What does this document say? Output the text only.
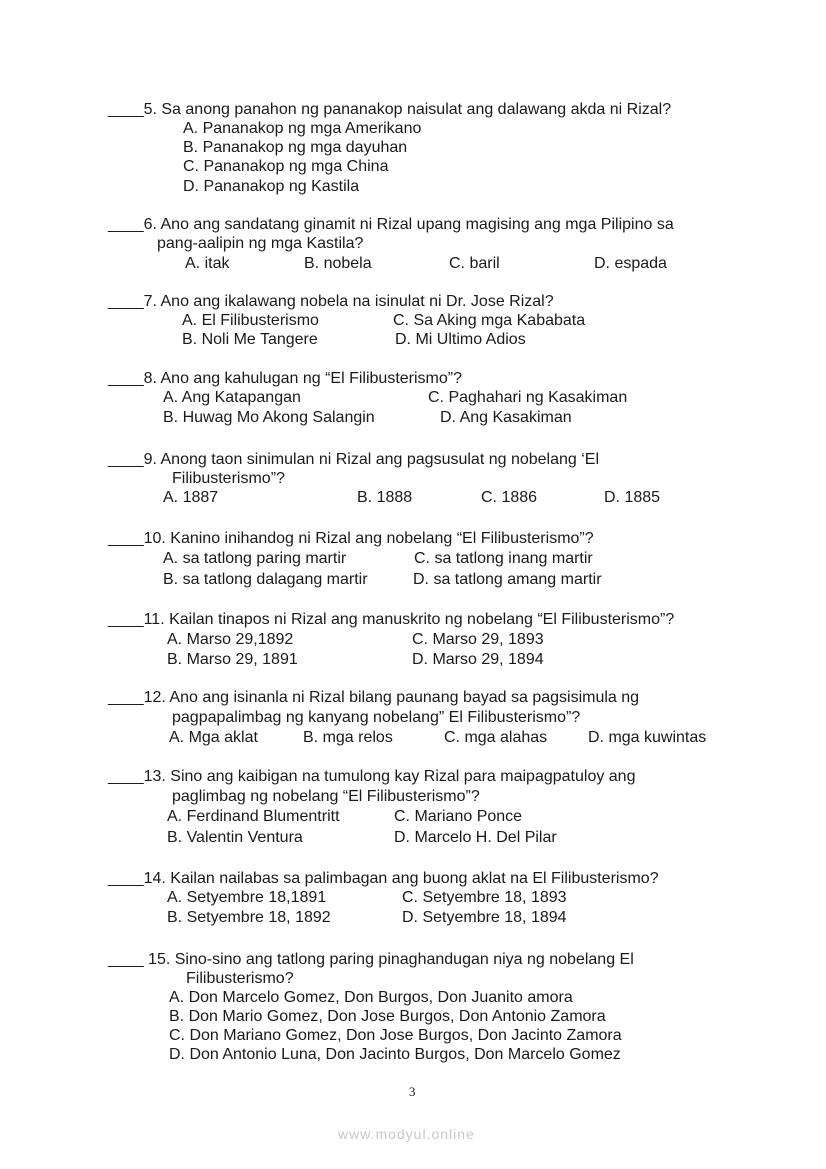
____5. Sa anong panahon ng pananakop naisulat ang dalawang akda ni Rizal?
A. Pananakop ng mga Amerikano
B. Pananakop ng mga dayuhan
C. Pananakop ng mga China
D. Pananakop ng Kastila
____6. Ano ang sandatang ginamit ni Rizal upang magising ang mga Pilipino sa
pang-aalipin ng mga Kastila?
A. itak	B. nobela	C. baril	D. espada
____7. Ano ang ikalawang nobela na isinulat ni Dr. Jose Rizal?
A. El Filibusterismo	C. Sa Aking mga Kababata
B. Noli Me Tangere	D. Mi Ultimo Adios
____8. Ano ang kahulugan ng “El Filibusterismo”?
A. Ang Katapangan	C. Paghahari ng Kasakiman
B. Huwag Mo Akong Salangin	D. Ang Kasakiman
____9. Anong taon sinimulan ni Rizal ang pagsusulat ng nobelang ‘El
Filibusterismo”?
A. 1887	B. 1888	C. 1886	D. 1885
____10. Kanino inihandog ni Rizal ang nobelang “El Filibusterismo”?
A. sa tatlong paring martir	C. sa tatlong inang martir
B. sa tatlong dalagang martir	D. sa tatlong amang martir
____11. Kailan tinapos ni Rizal ang manuskrito ng nobelang “El Filibusterismo”?
A. Marso 29,1892	C. Marso 29, 1893
B. Marso 29, 1891	D. Marso 29, 1894
____12. Ano ang isinanla ni Rizal bilang paunang bayad sa pagsisimula ng
pagpapalimbag ng kanyang nobelang” El Filibusterismo”?
A. Mga aklat	B. mga relos	C. mga alahas	D. mga kuwintas
____13. Sino ang kaibigan na tumulong kay Rizal para maipagpatuloy ang
paglimbag ng nobelang “El Filibusterismo”?
A. Ferdinand Blumentritt	C. Mariano Ponce
B. Valentin Ventura	D. Marcelo H. Del Pilar
____14. Kailan nailabas sa palimbagan ang buong aklat na El Filibusterismo?
A. Setyembre 18,1891	C. Setyembre 18, 1893
B. Setyembre 18, 1892	D. Setyembre 18, 1894
____ 15. Sino-sino ang tatlong paring pinaghandugan niya ng nobelang El
Filibusterismo?
A. Don Marcelo Gomez, Don Burgos, Don Juanito amora
B. Don Mario Gomez, Don Jose Burgos, Don Antonio Zamora
C. Don Mariano Gomez, Don Jose Burgos, Don Jacinto Zamora
D. Don Antonio Luna, Don Jacinto Burgos, Don Marcelo Gomez
3
www.modyul.online
